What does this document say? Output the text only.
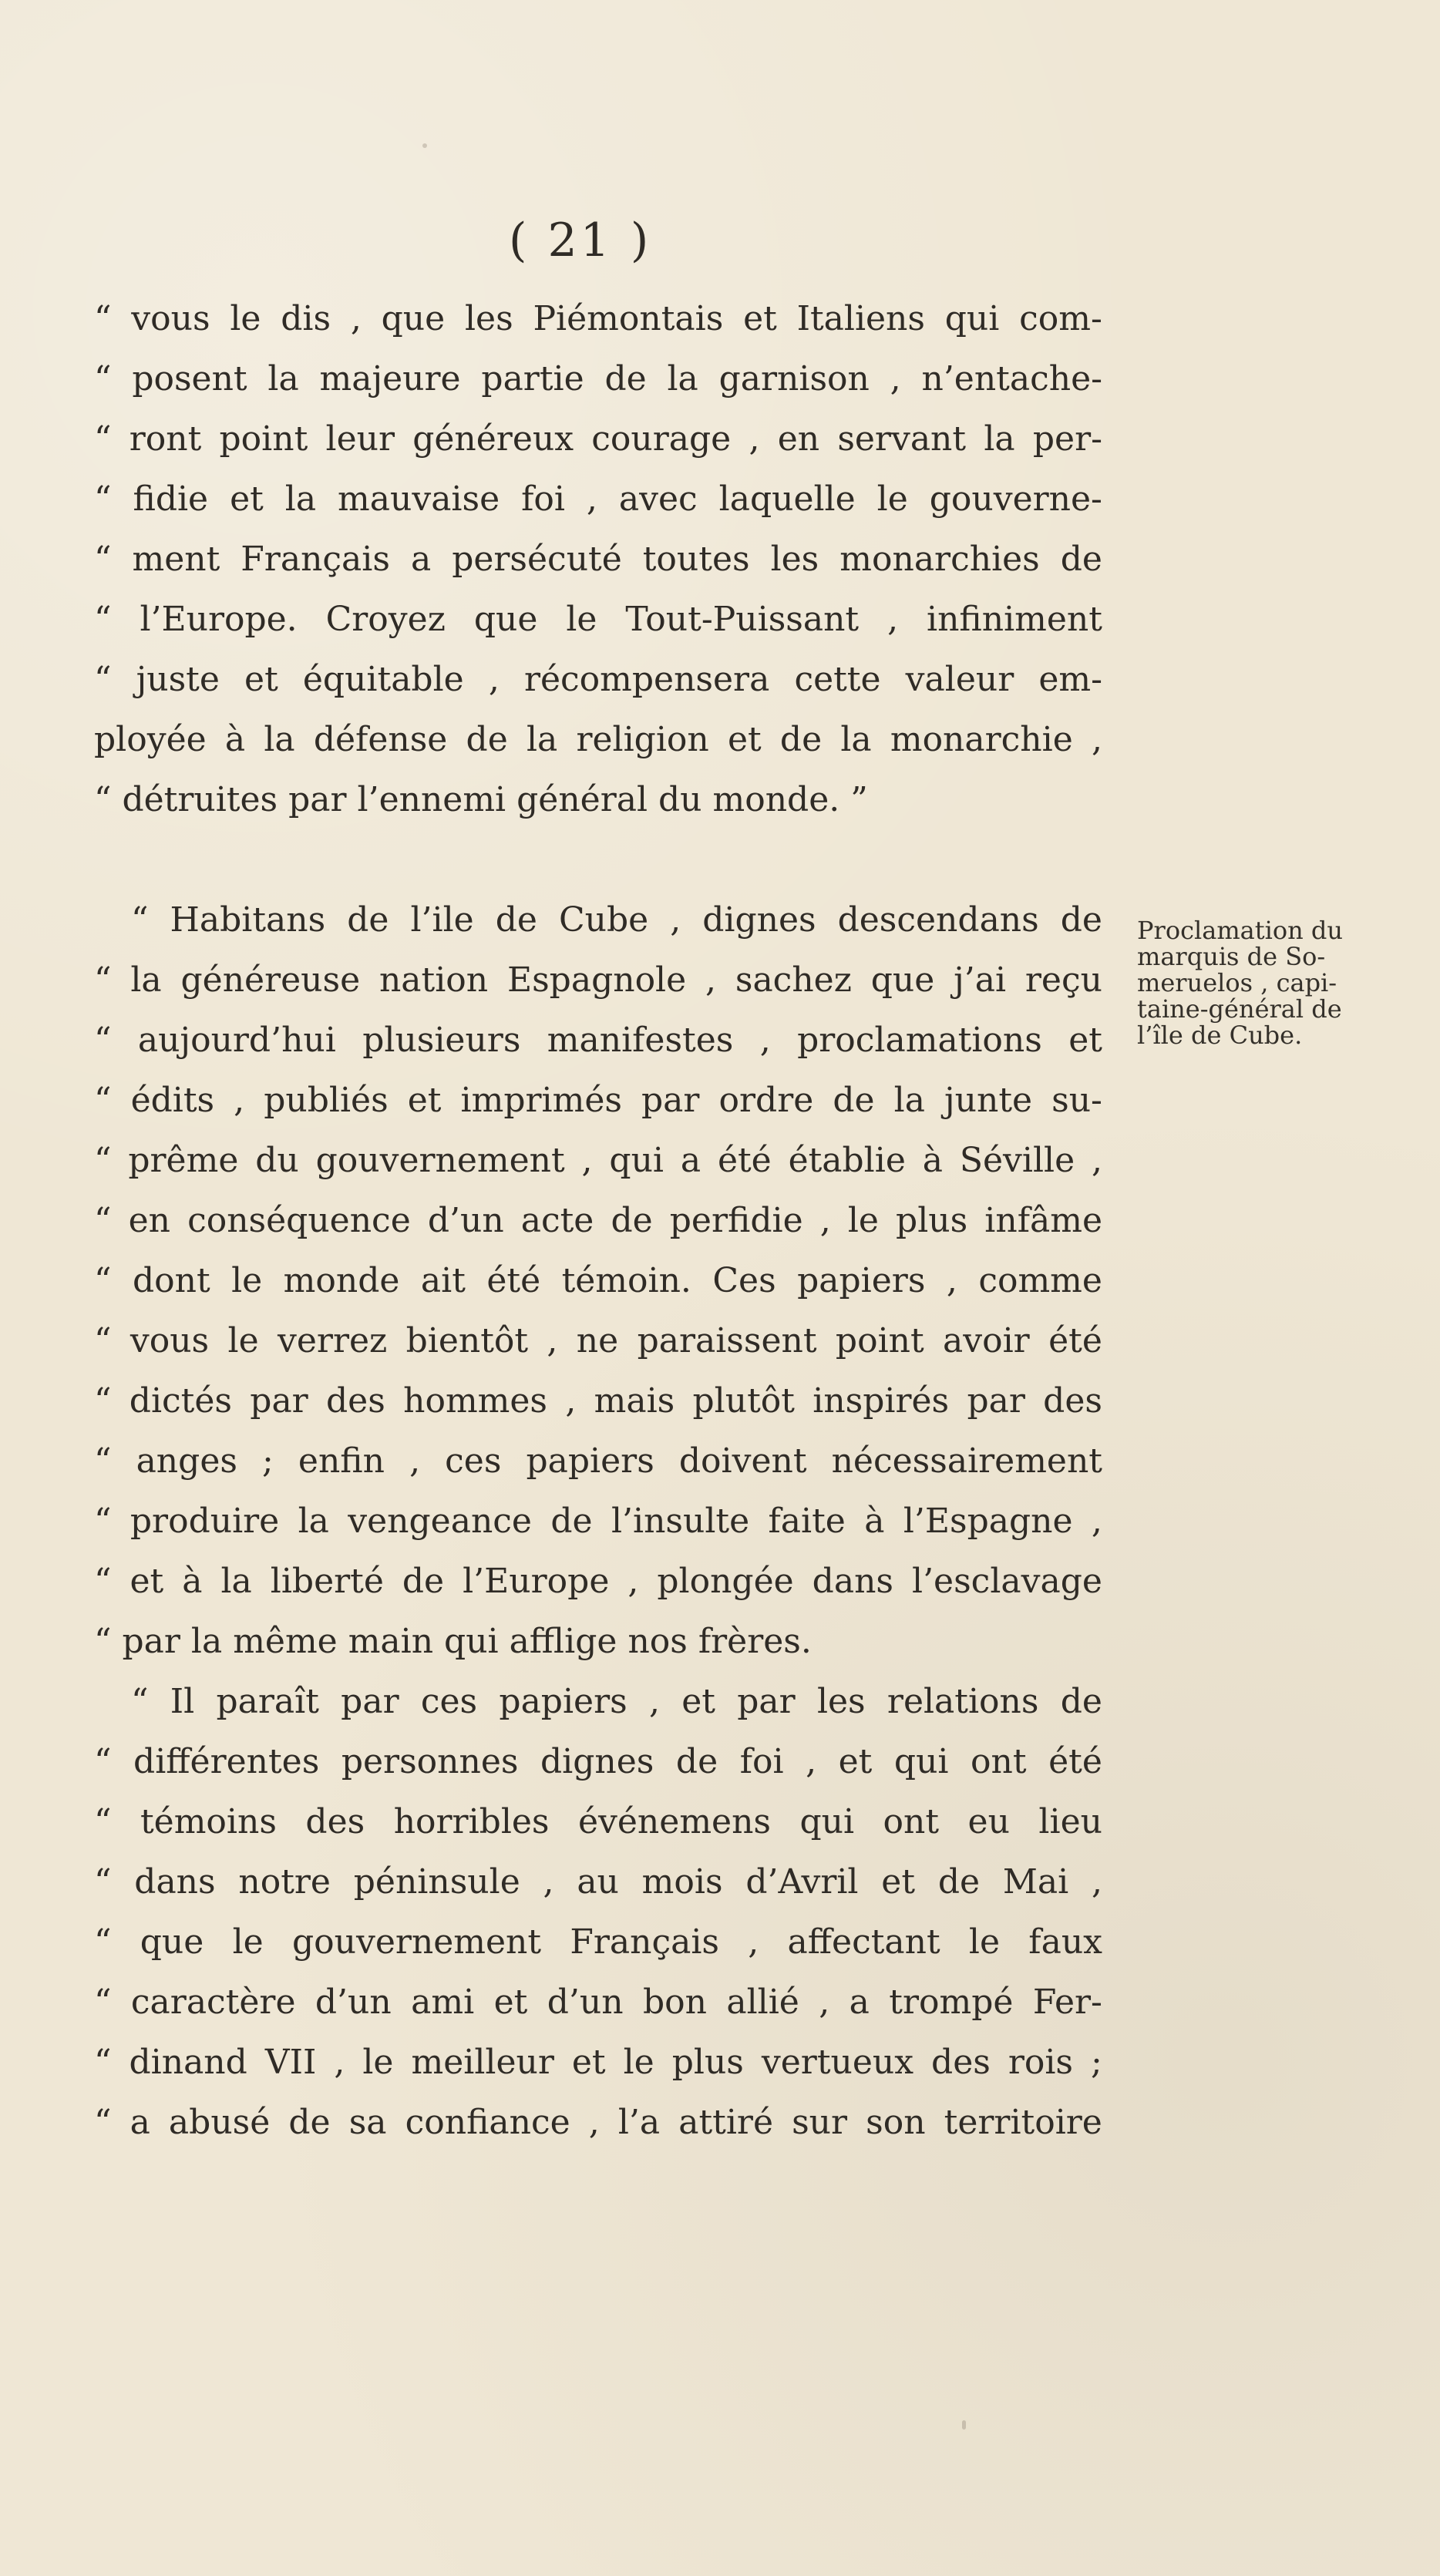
( 21 )
“ vous le dis , que les Piémontais et Italiens qui com-
“ posent la majeure partie de la garnison , n’entache-
“ ront point leur généreux courage , en servant la per-
“ fidie et la mauvaise foi , avec laquelle le gouverne-
“ ment Français a persécuté toutes les monarchies de
“ l’Europe. Croyez que le Tout-Puissant , infiniment
“ juste et équitable , récompensera cette valeur em-
ployée à la défense de la religion et de la monarchie ,
“ détruites par l’ennemi général du monde. ”
“ Habitans de l’ile de Cube , dignes descendans de
“ la généreuse nation Espagnole , sachez que j’ai reçu
“ aujourd’hui plusieurs manifestes , proclamations et
“ édits , publiés et imprimés par ordre de la junte su-
“ prême du gouvernement , qui a été établie à Séville ,
“ en conséquence d’un acte de perfidie , le plus infâme
“ dont le monde ait été témoin. Ces papiers , comme
“ vous le verrez bientôt , ne paraissent point avoir été
“ dictés par des hommes , mais plutôt inspirés par des
“ anges ; enfin , ces papiers doivent nécessairement
“ produire la vengeance de l’insulte faite à l’Espagne ,
“ et à la liberté de l’Europe , plongée dans l’esclavage
“ par la même main qui afflige nos frères.
“ Il paraît par ces papiers , et par les relations de
“ différentes personnes dignes de foi , et qui ont été
“ témoins des horribles événemens qui ont eu lieu
“ dans notre péninsule , au mois d’Avril et de Mai ,
“ que le gouvernement Français , affectant le faux
“ caractère d’un ami et d’un bon allié , a trompé Fer-
“ dinand VII , le meilleur et le plus vertueux des rois ;
“ a abusé de sa confiance , l’a attiré sur son territoire
Proclamation du
marquis de So-
meruelos , capi-
taine-général de
l’île de Cube.
